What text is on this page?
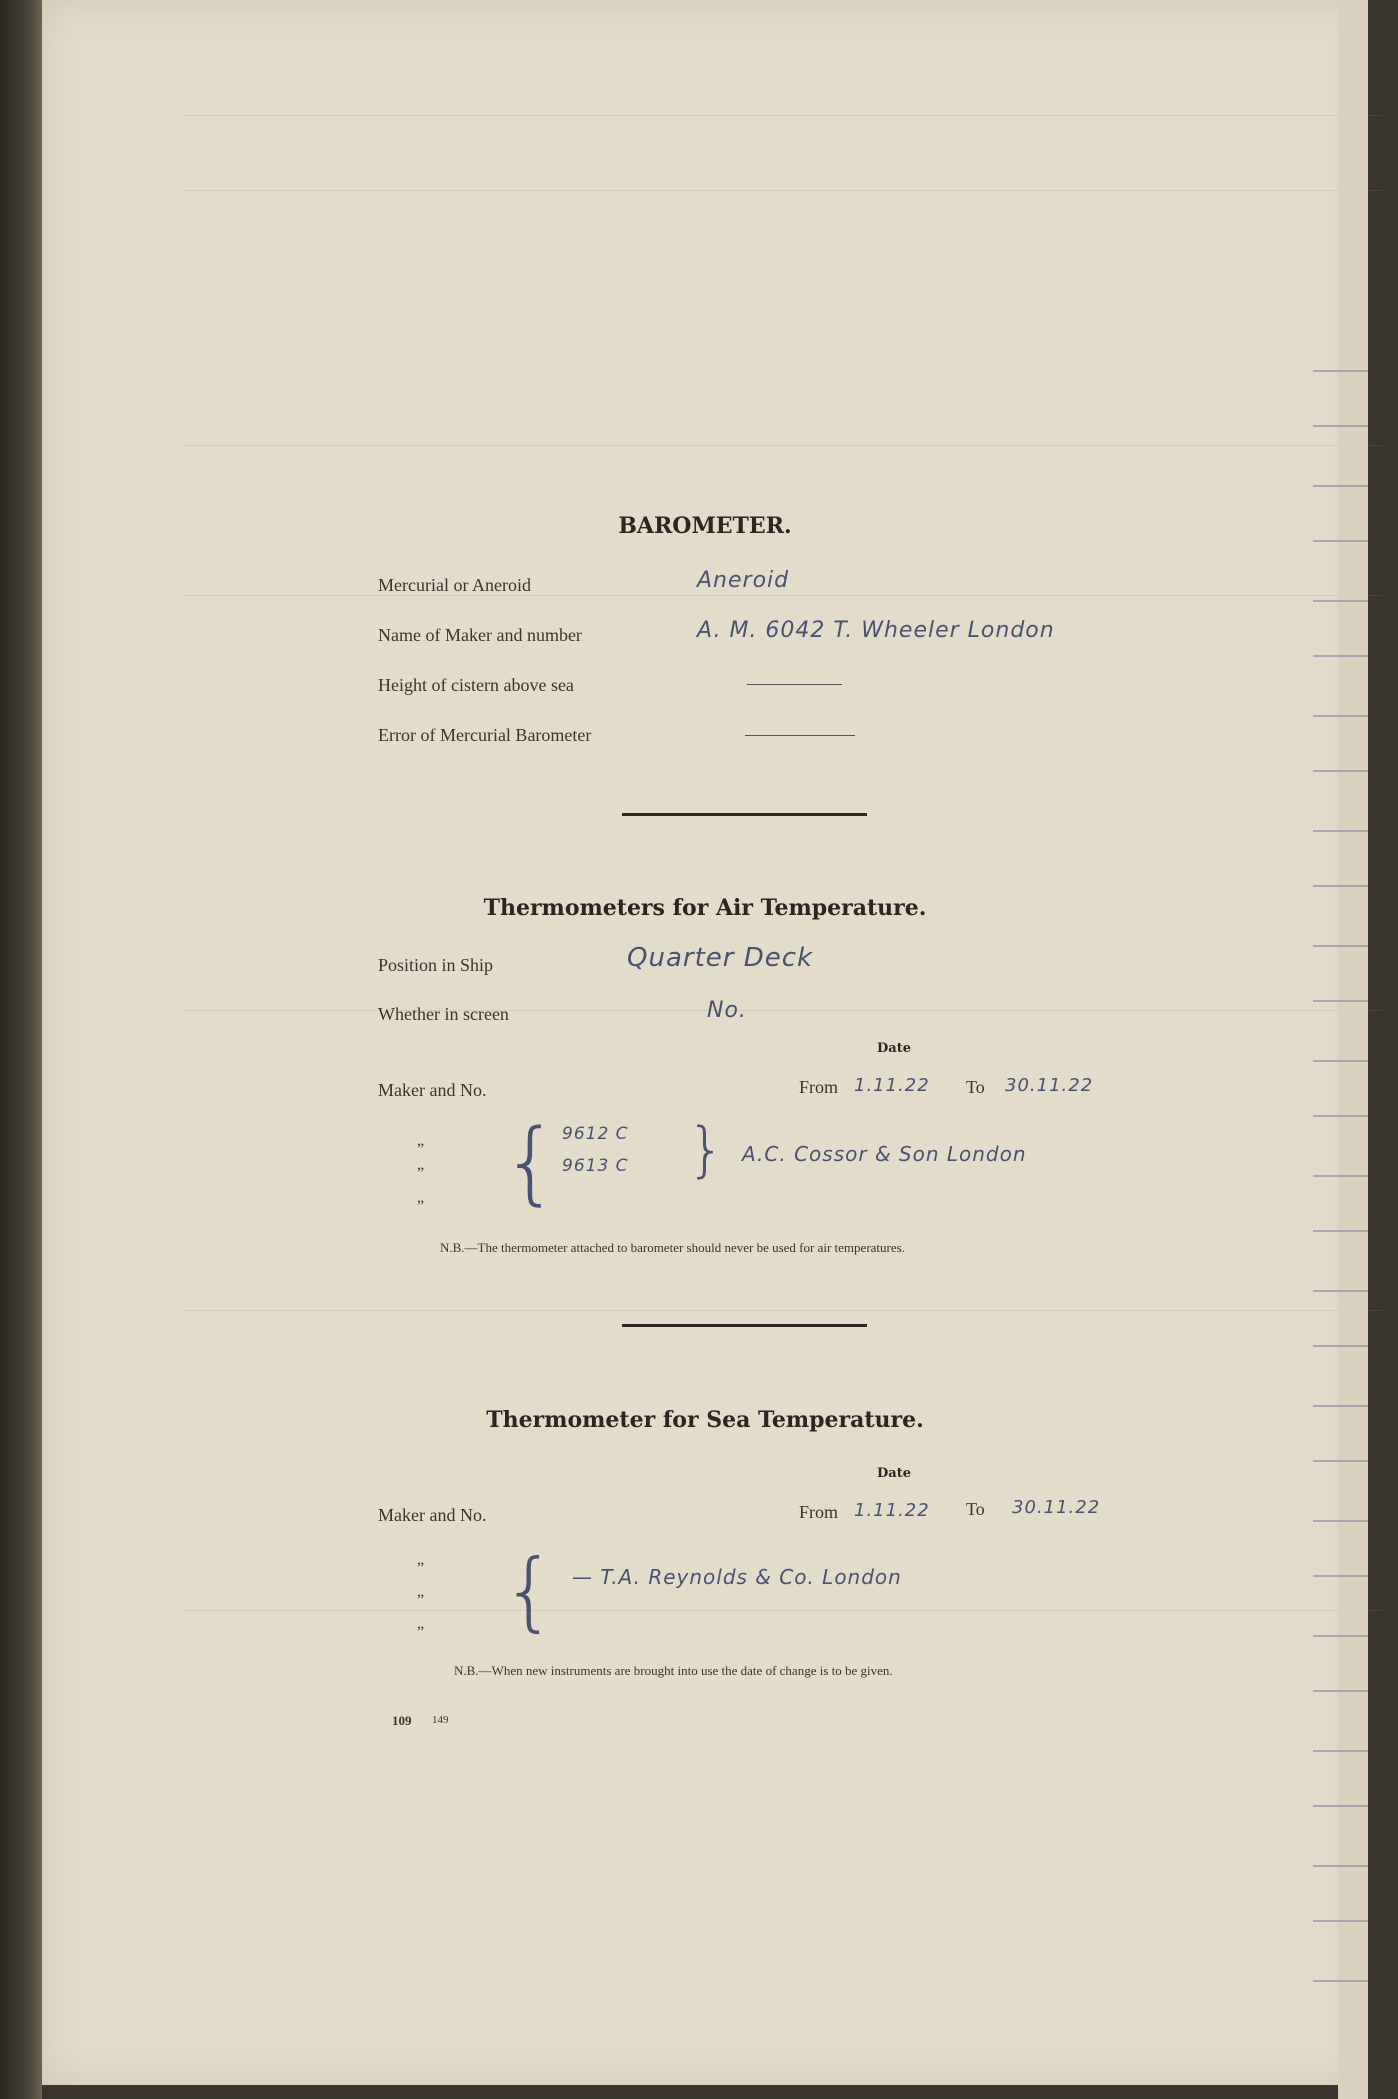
BAROMETER.
Mercurial or Aneroid	Aneroid
Name of Maker and number	A. M. 6042 T. Wheeler London
Height of cistern above sea
Error of Mercurial Barometer
Thermometers for Air Temperature.
Position in Ship	Quarter Deck
Whether in screen	No.
Date
Maker and No.	From 1.11.22 To 30.11.22
„
”
” { 9612 C
9613 C } A.C. Cossor & Son London
N.B.—The thermometer attached to barometer should never be used for air temperatures.
Thermometer for Sea Temperature.
Date
Maker and No.	From 1.11.22 To 30.11.22
”
”
” { — T.A. Reynolds & Co. London
N.B.—When new instruments are brought into use the date of change is to be given.
109 149
